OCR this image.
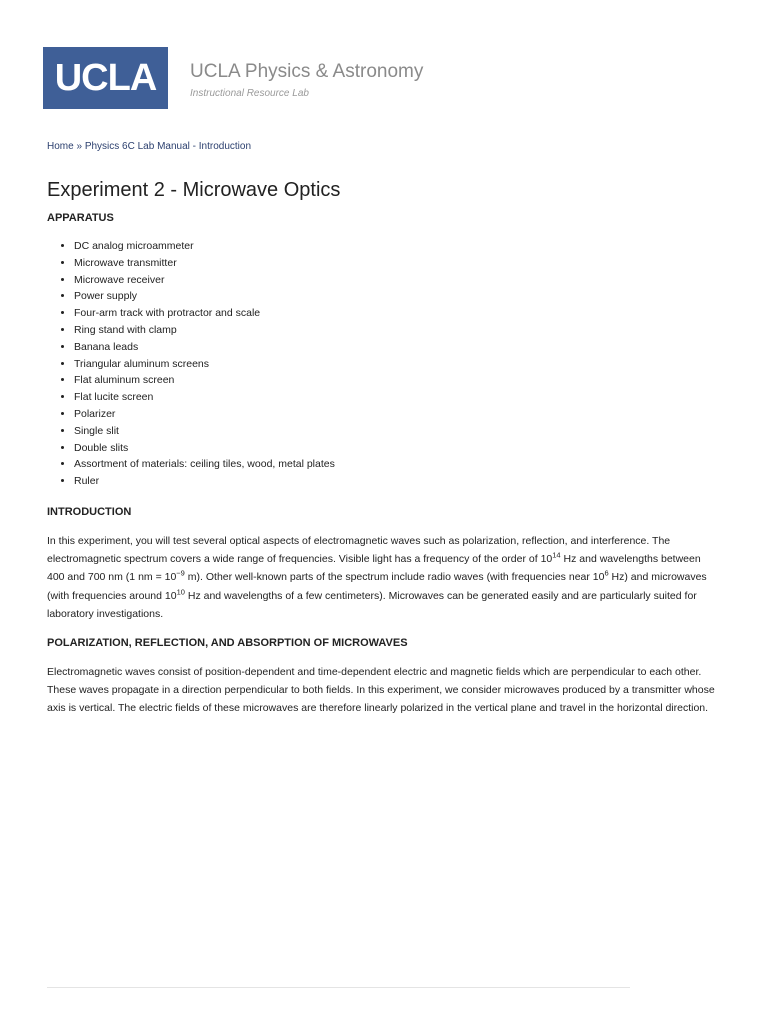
UCLA	UCLA Physics & Astronomy
Instructional Resource Lab
Home » Physics 6C Lab Manual - Introduction
Experiment 2 - Microwave Optics
APPARATUS
• DC analog microammeter
• Microwave transmitter
• Microwave receiver
• Power supply
• Four-arm track with protractor and scale
• Ring stand with clamp
• Banana leads
• Triangular aluminum screens
• Flat aluminum screen
• Flat lucite screen
• Polarizer
• Single slit
• Double slits
• Assortment of materials: ceiling tiles, wood, metal plates
• Ruler
INTRODUCTION

In this experiment, you will test several optical aspects of electromagnetic waves such as polarization, reflection, and interference. The electromagnetic spectrum covers a wide range of frequencies. Visible light has a frequency of the order of $10^{14}$ Hz and wavelengths between 400 and 700 nm (1 nm = $10^{-9}$ m). Other well-known parts of the spectrum include radio waves (with frequencies near $10^6$ Hz) and microwaves (with frequencies around $10^{10}$ Hz and wavelengths of a few centimeters). Microwaves can be generated easily and are particularly suited for laboratory investigations.

POLARIZATION, REFLECTION, AND ABSORPTION OF MICROWAVES

Electromagnetic waves consist of position-dependent and time-dependent electric and magnetic fields which are perpendicular to each other. These waves propagate in a direction perpendicular to both fields. In this experiment, we consider microwaves produced by a transmitter whose axis is vertical. The electric fields of these microwaves are therefore linearly polarized in the vertical plane and travel in the horizontal direction.
